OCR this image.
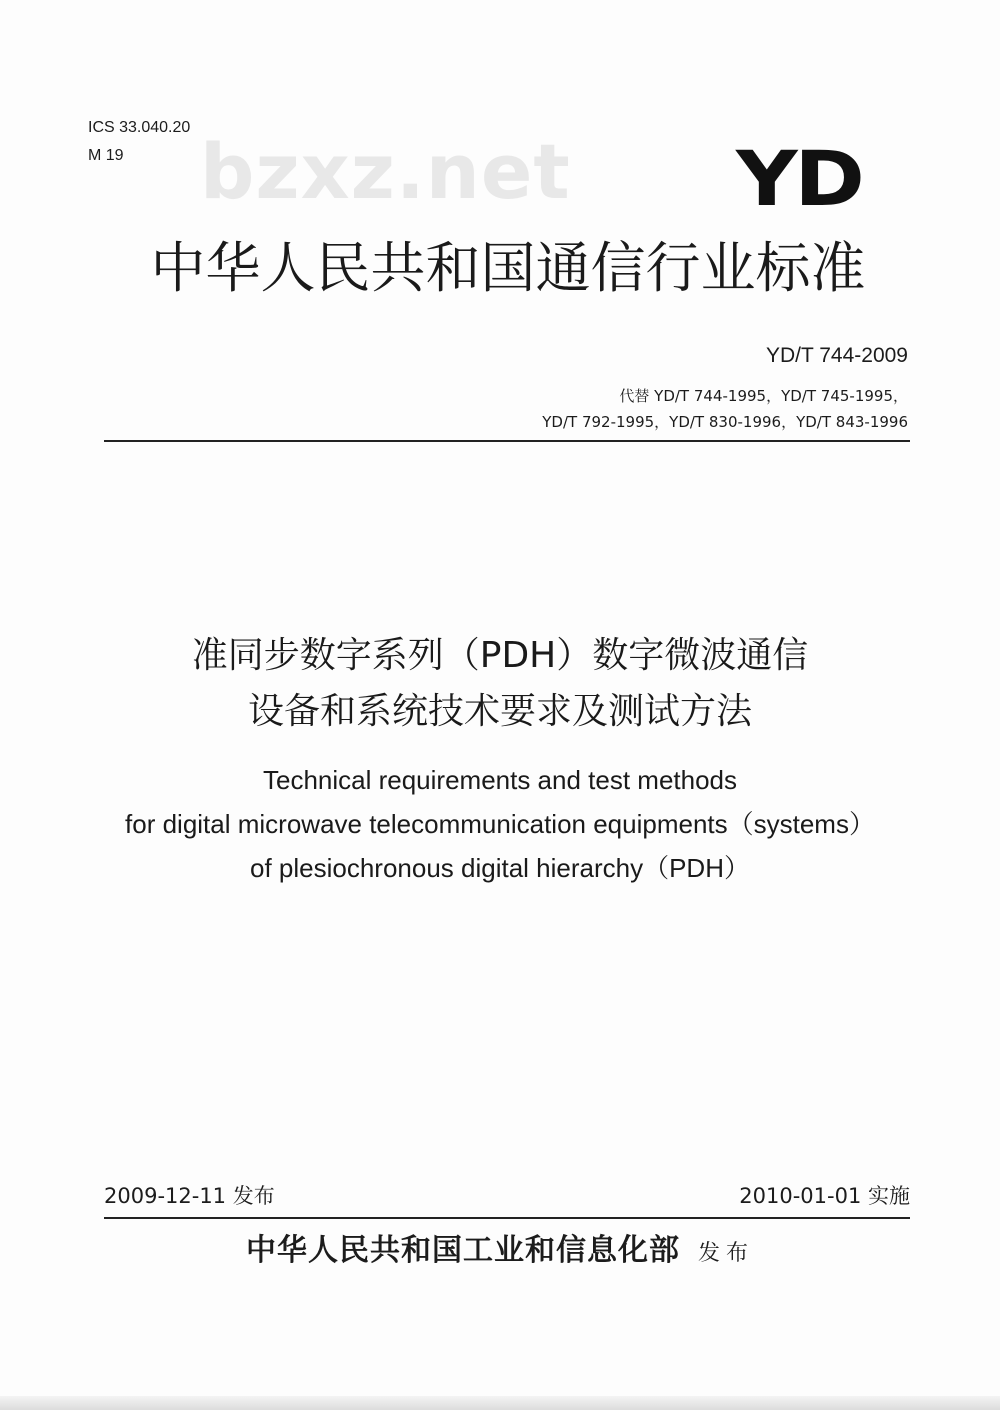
ICS 33.040.20
M 19 bzxz.net YD
中华人民共和国通信行业标准
YD/T 744-2009
代替 YD/T 744-1995，YD/T 745-1995，
YD/T 792-1995，YD/T 830-1996，YD/T 843-1996
准同步数字系列（PDH）数字微波通信
设备和系统技术要求及测试方法
Technical requirements and test methods
for digital microwave telecommunication equipments（systems）
of plesiochronous digital hierarchy（PDH）
2009-12-11 发布	2010-01-01 实施
中华人民共和国工业和信息化部 发布
